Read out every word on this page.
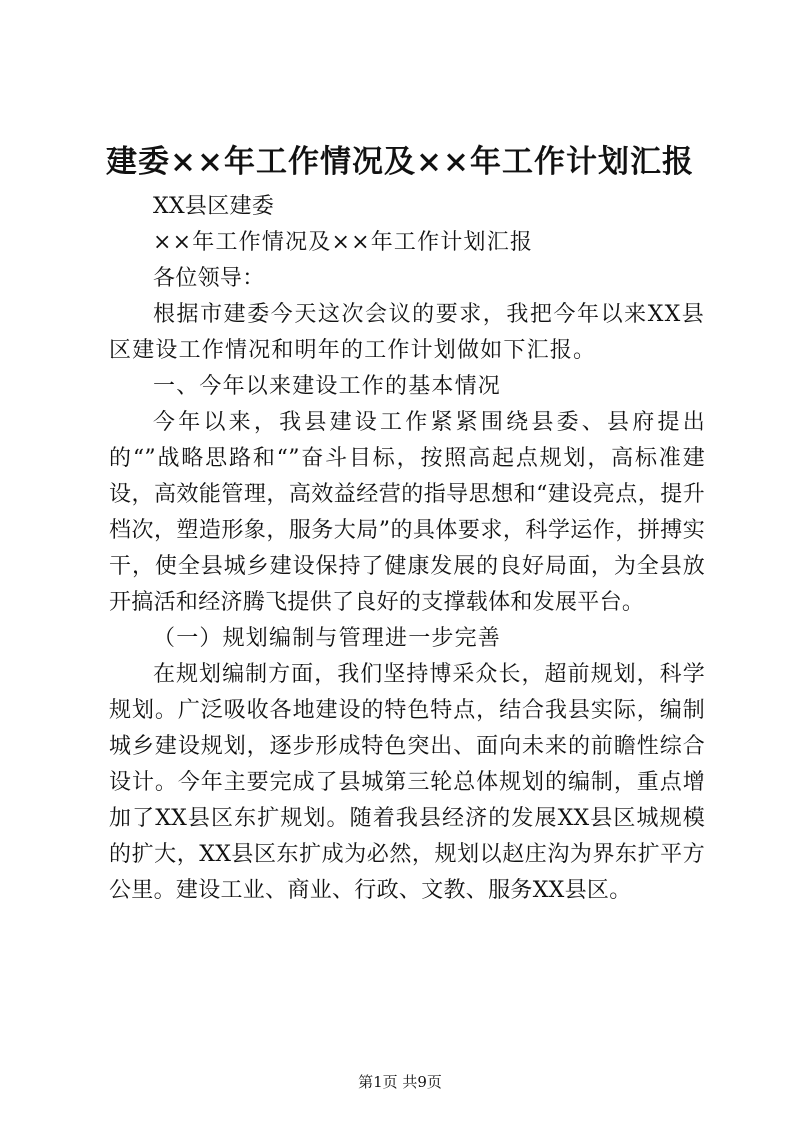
建委××年工作情况及××年工作计划汇报

XX县区建委

××年工作情况及××年工作计划汇报

各位领导：

根据市建委今天这次会议的要求，我把今年以来XX县区建设工作情况和明年的工作计划做如下汇报。

一、今年以来建设工作的基本情况

今年以来，我县建设工作紧紧围绕县委、县府提出的“”战略思路和“”奋斗目标，按照高起点规划，高标准建设，高效能管理，高效益经营的指导思想和“建设亮点，提升档次，塑造形象，服务大局”的具体要求，科学运作，拼搏实干，使全县城乡建设保持了健康发展的良好局面，为全县放开搞活和经济腾飞提供了良好的支撑载体和发展平台。

（一）规划编制与管理进一步完善

在规划编制方面，我们坚持博采众长，超前规划，科学规划。广泛吸收各地建设的特色特点，结合我县实际，编制城乡建设规划，逐步形成特色突出、面向未来的前瞻性综合设计。今年主要完成了县城第三轮总体规划的编制，重点增加了XX县区东扩规划。随着我县经济的发展XX县区城规模的扩大，XX县区东扩成为必然，规划以赵庄沟为界东扩平方公里。建设工业、商业、行政、文教、服务XX县区。

第1页 共9页
